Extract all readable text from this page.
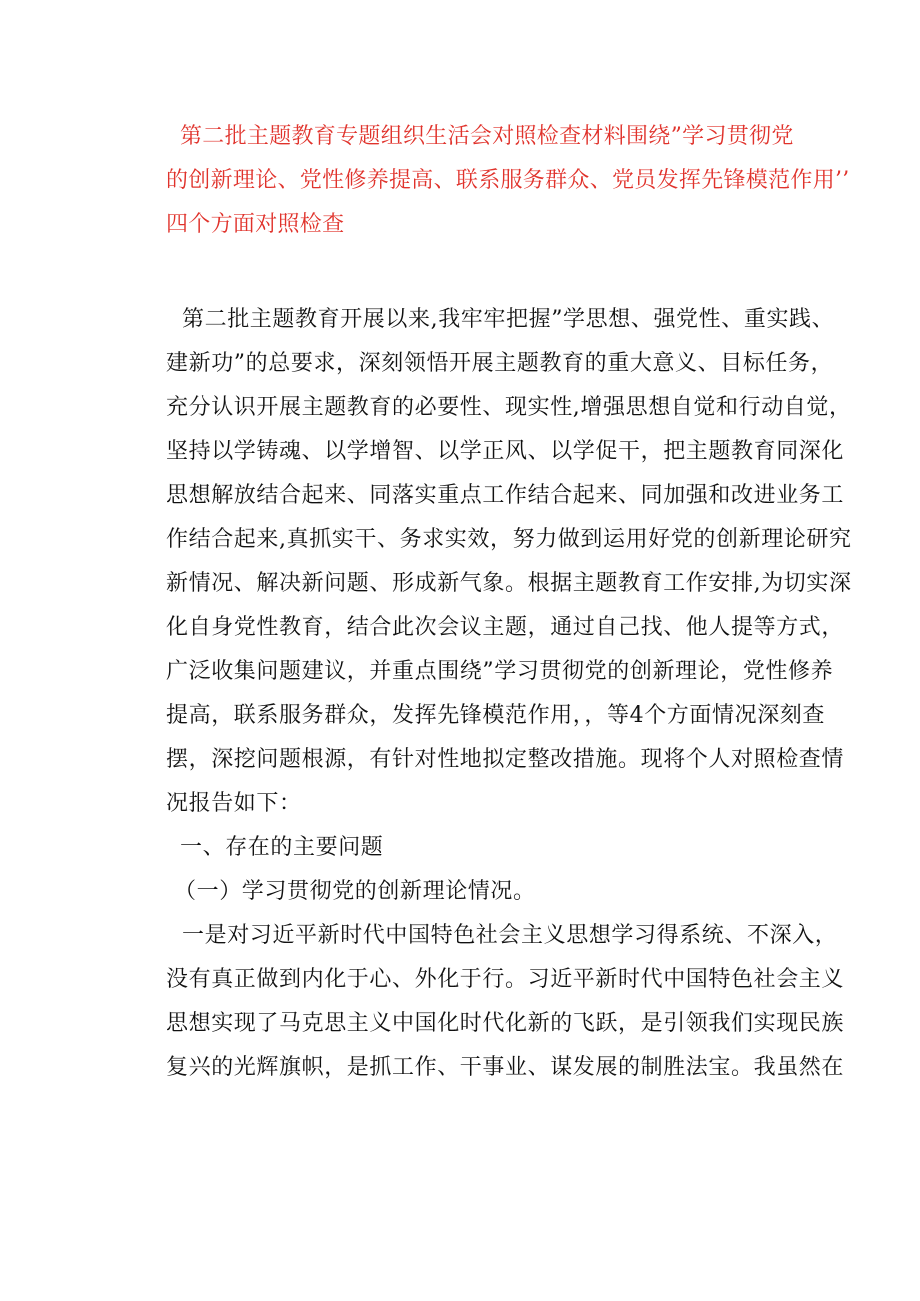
第二批主题教育专题组织生活会对照检查材料围绕”学习贯彻党
的创新理论、党性修养提高、联系服务群众、党员发挥先锋模范作用’’
四个方面对照检查
第二批主题教育开展以来,我牢牢把握”学思想、强党性、重实践、
建新功”的总要求，深刻领悟开展主题教育的重大意义、目标任务，
充分认识开展主题教育的必要性、现实性,增强思想自觉和行动自觉，
坚持以学铸魂、以学增智、以学正风、以学促干，把主题教育同深化
思想解放结合起来、同落实重点工作结合起来、同加强和改进业务工
作结合起来,真抓实干、务求实效，努力做到运用好党的创新理论研究
新情况、解决新问题、形成新气象。根据主题教育工作安排,为切实深
化自身党性教育，结合此次会议主题，通过自己找、他人提等方式，
广泛收集问题建议，并重点围绕”学习贯彻党的创新理论，党性修养
提高，联系服务群众，发挥先锋模范作用，，等4个方面情况深刻查
摆，深挖问题根源，有针对性地拟定整改措施。现将个人对照检查情
况报告如下：
一、存在的主要问题
（一）学习贯彻党的创新理论情况。
一是对习近平新时代中国特色社会主义思想学习得系统、不深入，
没有真正做到内化于心、外化于行。习近平新时代中国特色社会主义
思想实现了马克思主义中国化时代化新的飞跃，是引领我们实现民族
复兴的光辉旗帜，是抓工作、干事业、谋发展的制胜法宝。我虽然在
